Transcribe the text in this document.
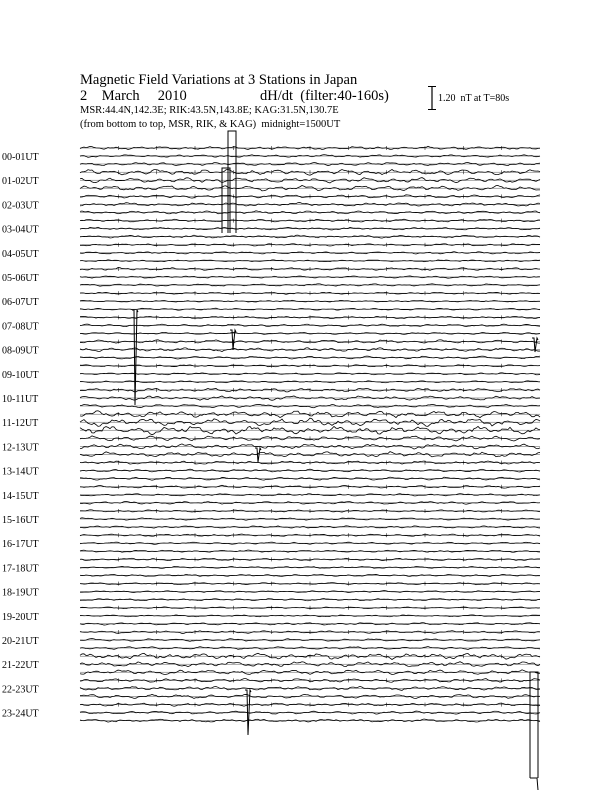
Magnetic Field Variations at 3 Stations in Japan
2 March 2010	dH/dt (filter:40-160s)
MSR:44.4N,142.3E; RIK:43.5N,143.8E; KAG:31.5N,130.7E
(from bottom to top, MSR, RIK, & KAG) midnight=1500UT
1.20  nT at T=80s
00-01UT
01-02UT
02-03UT
03-04UT
04-05UT
05-06UT
06-07UT
07-08UT
08-09UT
09-10UT
10-11UT
11-12UT
12-13UT
13-14UT
14-15UT
15-16UT
16-17UT
17-18UT
18-19UT
19-20UT
20-21UT
21-22UT
22-23UT
23-24UT
